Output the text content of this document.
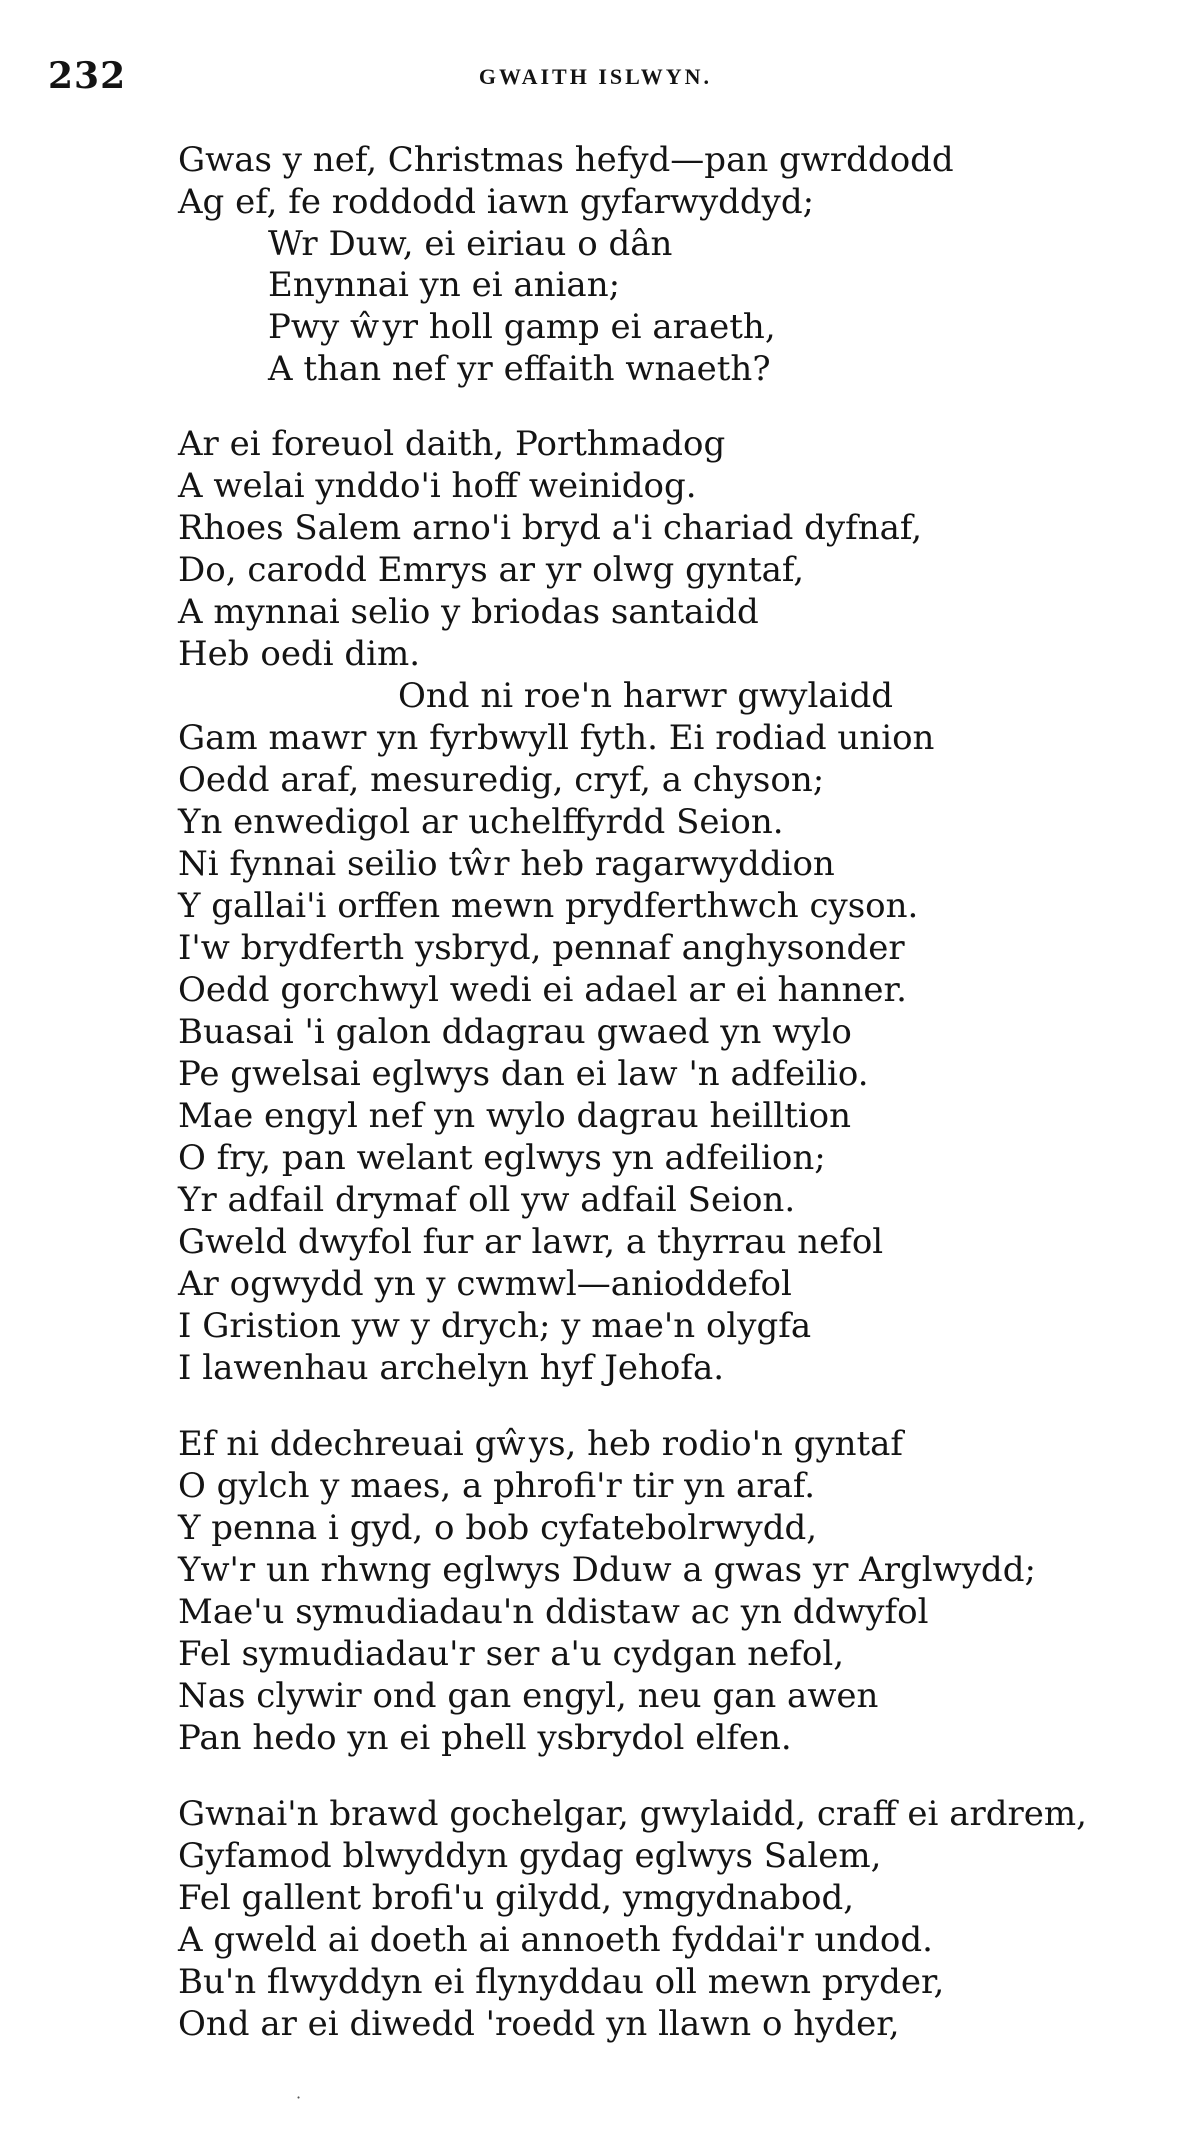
232	GWAITH ISLWYN.
Gwas y nef, Christmas hefyd—pan gwrddodd
Ag ef, fe roddodd iawn gyfarwyddyd;
Wr Duw, ei eiriau o dân
Enynnai yn ei anian;
Pwy ŵyr holl gamp ei araeth,
A than nef yr effaith wnaeth?
Ar ei foreuol daith, Porthmadog
A welai ynddo'i hoff weinidog.
Rhoes Salem arno'i bryd a'i chariad dyfnaf,
Do, carodd Emrys ar yr olwg gyntaf,
A mynnai selio y briodas santaidd
Heb oedi dim.
Ond ni roe'n harwr gwylaidd
Gam mawr yn fyrbwyll fyth. Ei rodiad union
Oedd araf, mesuredig, cryf, a chyson;
Yn enwedigol ar uchelffyrdd Seion.
Ni fynnai seilio tŵr heb ragarwyddion
Y gallai'i orffen mewn prydferthwch cyson.
I'w brydferth ysbryd, pennaf anghysonder
Oedd gorchwyl wedi ei adael ar ei hanner.
Buasai 'i galon ddagrau gwaed yn wylo
Pe gwelsai eglwys dan ei law 'n adfeilio.
Mae engyl nef yn wylo dagrau heilltion
O fry, pan welant eglwys yn adfeilion;
Yr adfail drymaf oll yw adfail Seion.
Gweld dwyfol fur ar lawr, a thyrrau nefol
Ar ogwydd yn y cwmwl—anioddefol
I Gristion yw y drych; y mae'n olygfa
I lawenhau archelyn hyf Jehofa.
Ef ni ddechreuai gŵys, heb rodio'n gyntaf
O gylch y maes, a phrofi'r tir yn araf.
Y penna i gyd, o bob cyfatebolrwydd,
Yw'r un rhwng eglwys Dduw a gwas yr Arglwydd;
Mae'u symudiadau'n ddistaw ac yn ddwyfol
Fel symudiadau'r ser a'u cydgan nefol,
Nas clywir ond gan engyl, neu gan awen
Pan hedo yn ei phell ysbrydol elfen.
Gwnai'n brawd gochelgar, gwylaidd, craff ei ardrem,
Gyfamod blwyddyn gydag eglwys Salem,
Fel gallent brofi'u gilydd, ymgydnabod,
A gweld ai doeth ai annoeth fyddai'r undod.
Bu'n flwyddyn ei flynyddau oll mewn pryder,
Ond ar ei diwedd 'roedd yn llawn o hyder,
·
